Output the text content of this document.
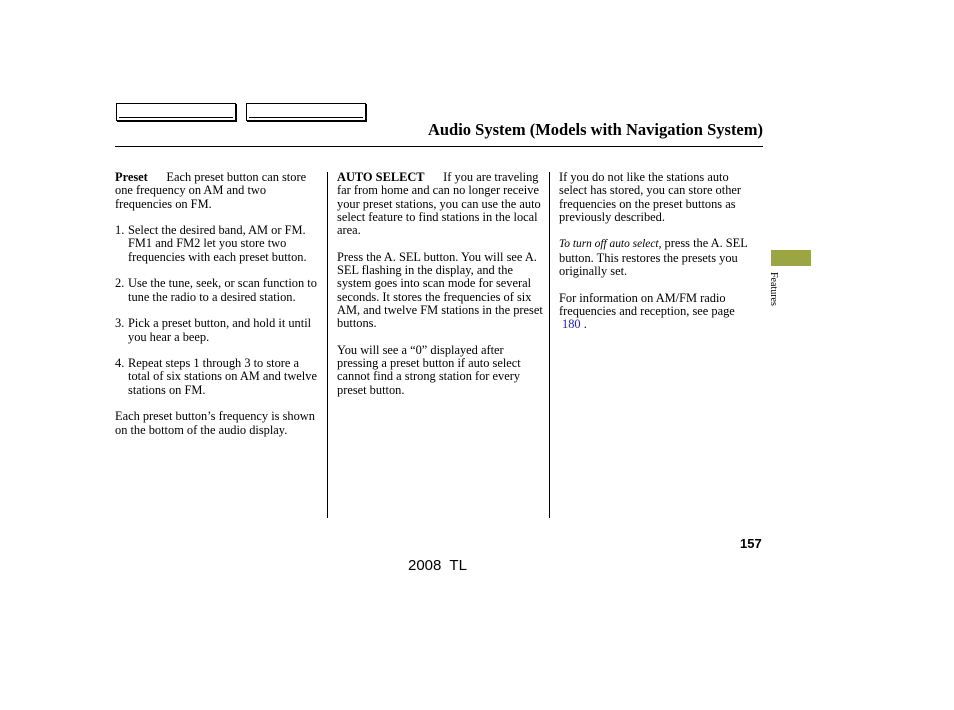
Audio System (Models with Navigation System)

Preset Each preset button can store one frequency on AM and two frequencies on FM.

1. Select the desired band, AM or FM. FM1 and FM2 let you store two frequencies with each preset button.

2. Use the tune, seek, or scan function to tune the radio to a desired station.

3. Pick a preset button, and hold it until you hear a beep.

4. Repeat steps 1 through 3 to store a total of six stations on AM and twelve stations on FM.

Each preset button’s frequency is shown on the bottom of the audio display.

AUTO SELECT If you are traveling far from home and can no longer receive your preset stations, you can use the auto select feature to find stations in the local area.

Press the A. SEL button. You will see A. SEL flashing in the display, and the system goes into scan mode for several seconds. It stores the frequencies of six AM, and twelve FM stations in the preset buttons.

You will see a “0” displayed after pressing a preset button if auto select cannot find a strong station for every preset button.

If you do not like the stations auto select has stored, you can store other frequencies on the preset buttons as previously described.

To turn off auto select, press the A. SEL button. This restores the presets you originally set.

For information on AM/FM radio frequencies and reception, see page
180 .

Features
157
2008  TL
